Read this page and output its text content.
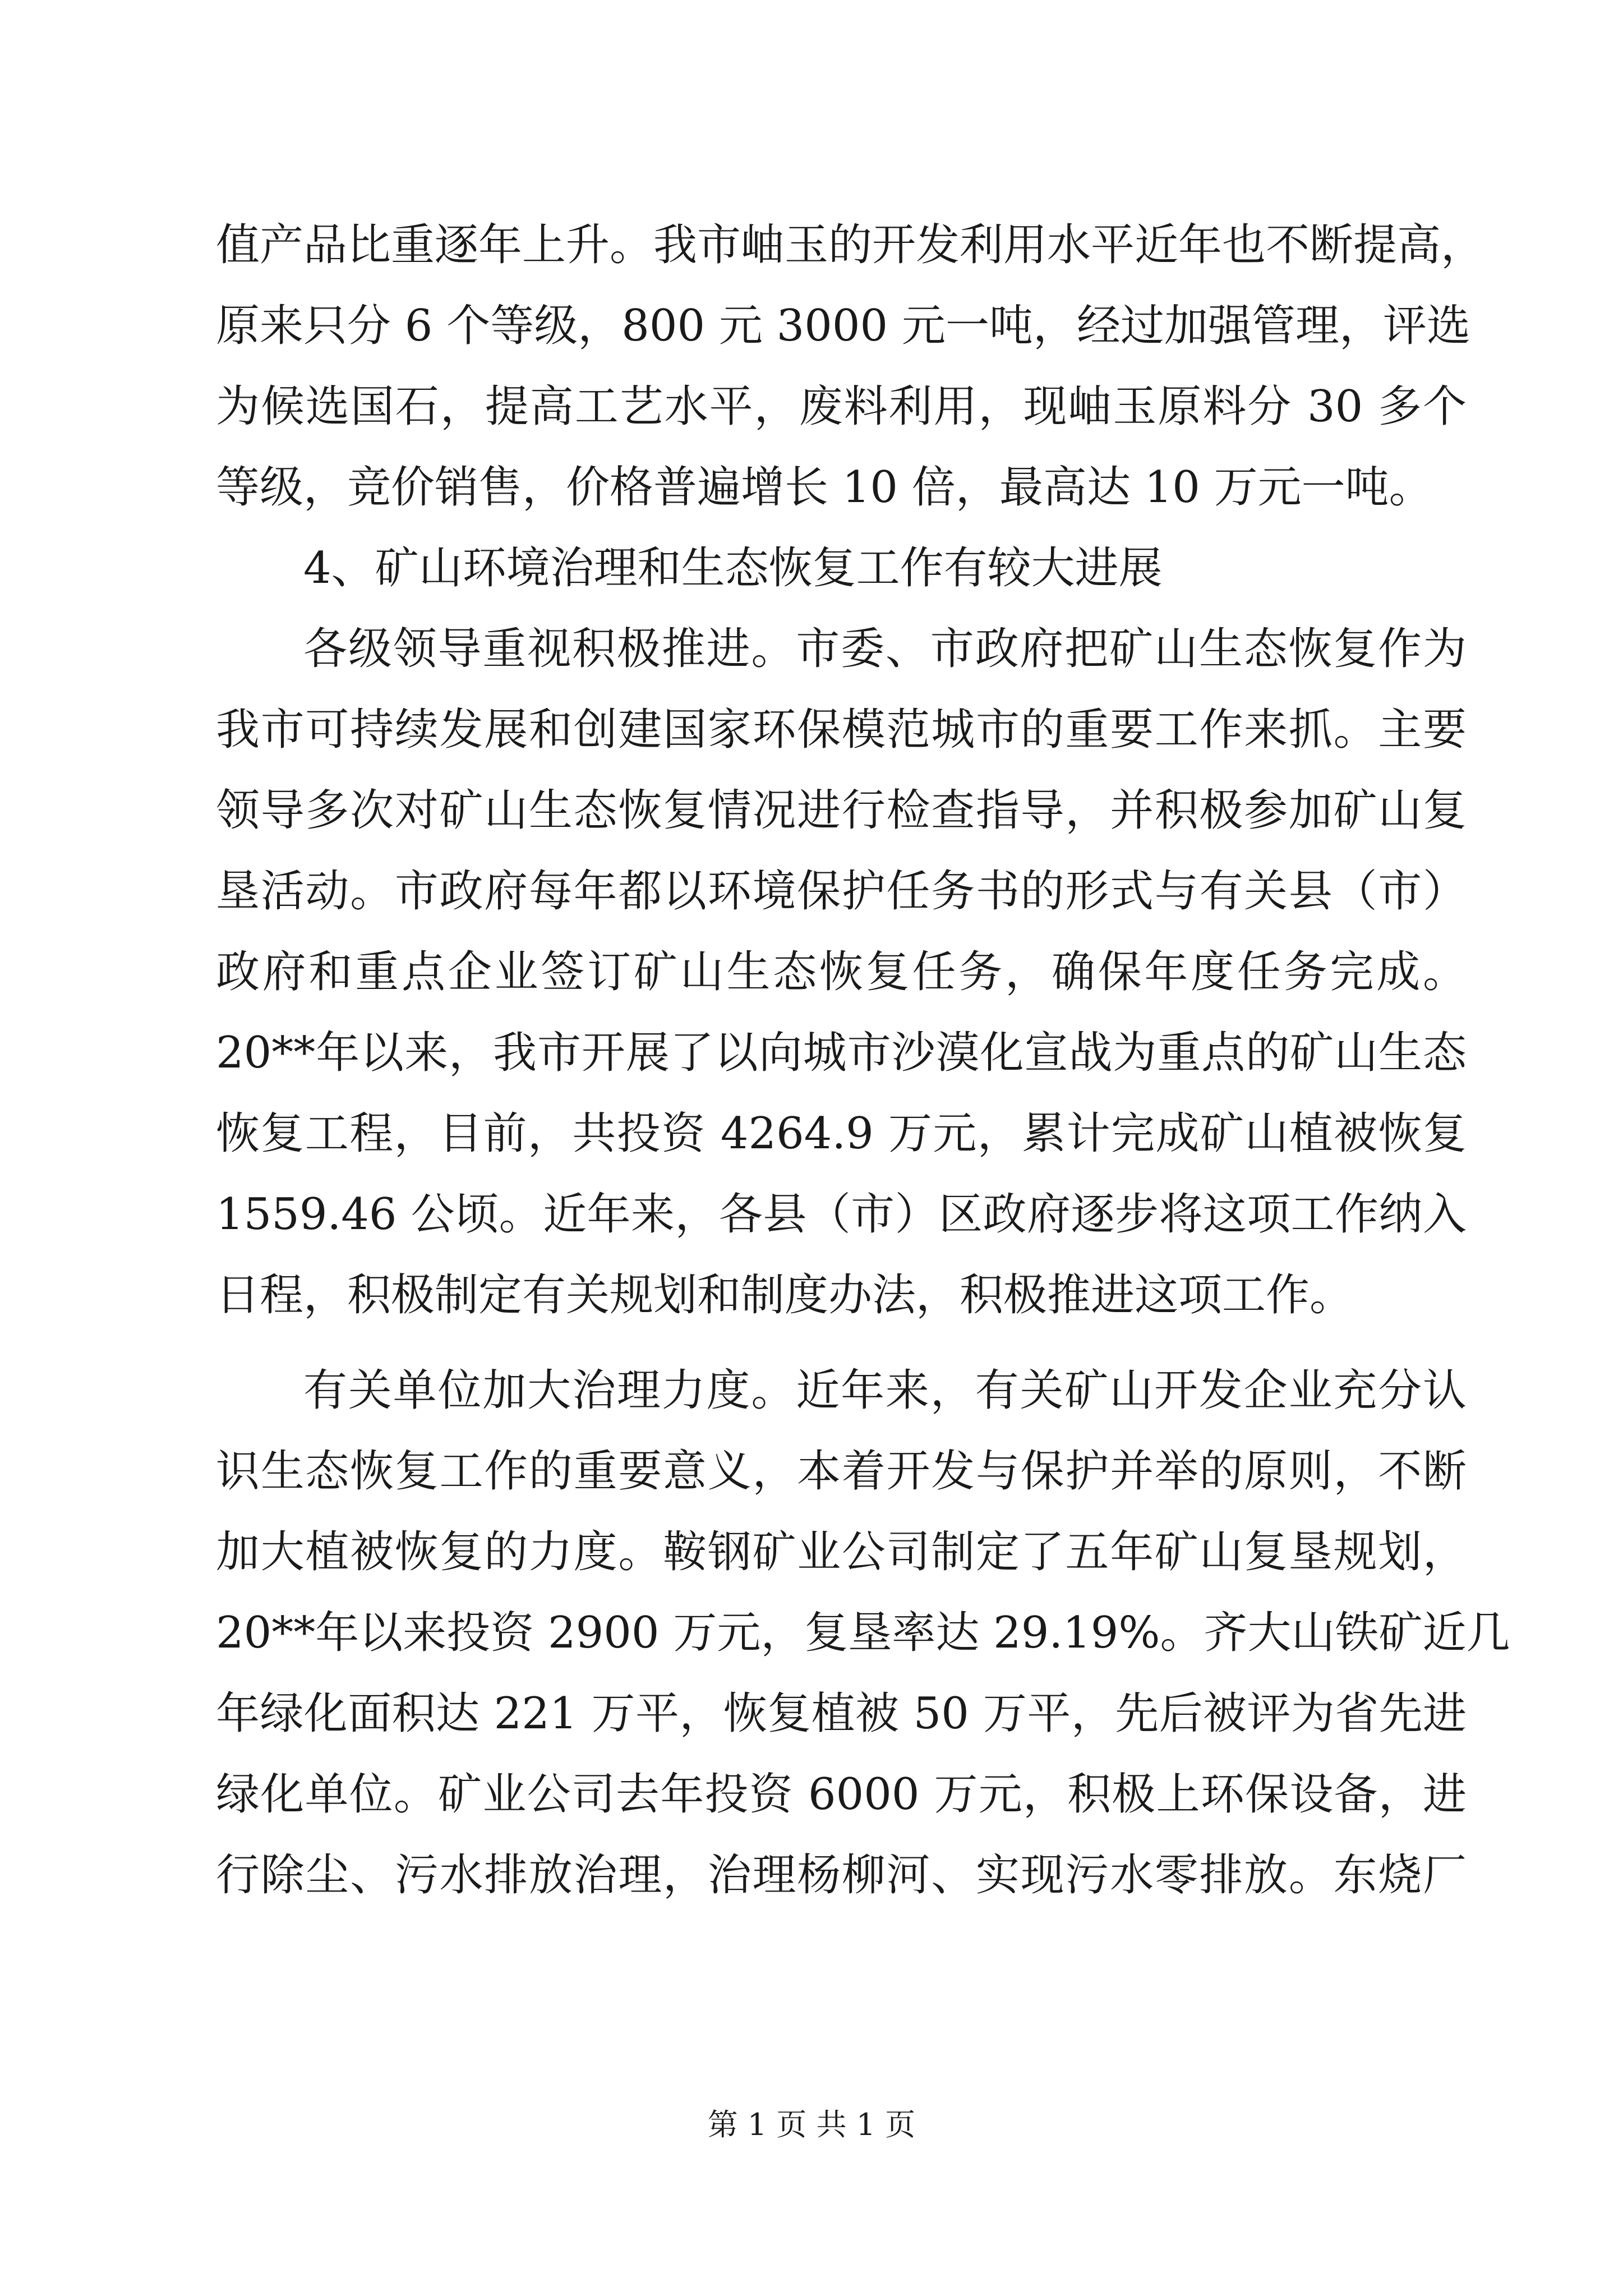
值产品比重逐年上升。我市岫玉的开发利用水平近年也不断提高，
原来只分 6 个等级，800 元 3000 元一吨，经过加强管理，评选
为候选国石，提高工艺水平，废料利用，现岫玉原料分 30 多个
等级，竞价销售，价格普遍增长 10 倍，最高达 10 万元一吨。
4、矿山环境治理和生态恢复工作有较大进展
各级领导重视积极推进。市委、市政府把矿山生态恢复作为
我市可持续发展和创建国家环保模范城市的重要工作来抓。主要
领导多次对矿山生态恢复情况进行检查指导，并积极参加矿山复
垦活动。市政府每年都以环境保护任务书的形式与有关县（市）
政府和重点企业签订矿山生态恢复任务，确保年度任务完成。
20**年以来，我市开展了以向城市沙漠化宣战为重点的矿山生态
恢复工程，目前，共投资 4264.9 万元，累计完成矿山植被恢复
1559.46 公顷。近年来，各县（市）区政府逐步将这项工作纳入
日程，积极制定有关规划和制度办法，积极推进这项工作。
有关单位加大治理力度。近年来，有关矿山开发企业充分认
识生态恢复工作的重要意义，本着开发与保护并举的原则，不断
加大植被恢复的力度。鞍钢矿业公司制定了五年矿山复垦规划，
20**年以来投资 2900 万元，复垦率达 29.19%。齐大山铁矿近几
年绿化面积达 221 万平，恢复植被 50 万平，先后被评为省先进
绿化单位。矿业公司去年投资 6000 万元，积极上环保设备，进
行除尘、污水排放治理，治理杨柳河、实现污水零排放。东烧厂
第 1 页 共 1 页
